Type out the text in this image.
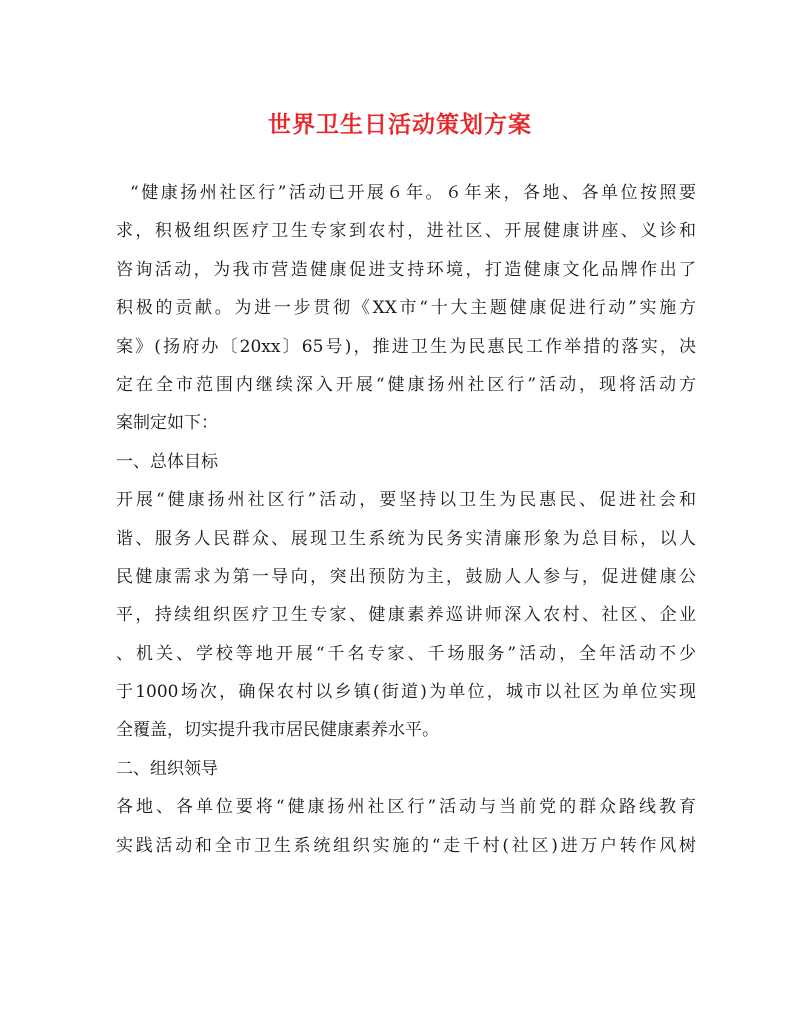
世界卫生日活动策划方案
“健康扬州社区行”活动已开展６年。６年来，各地、各单位按照要
求，积极组织医疗卫生专家到农村，进社区、开展健康讲座、义诊和
咨询活动，为我市营造健康促进支持环境，打造健康文化品牌作出了
积极的贡献。为进一步贯彻《XX市“十大主题健康促进行动”实施方
案》(扬府办〔20xx〕65号)，推进卫生为民惠民工作举措的落实，决
定在全市范围内继续深入开展“健康扬州社区行”活动，现将活动方
案制定如下：
一、总体目标
开展“健康扬州社区行”活动，要坚持以卫生为民惠民、促进社会和
谐、服务人民群众、展现卫生系统为民务实清廉形象为总目标，以人
民健康需求为第一导向，突出预防为主，鼓励人人参与，促进健康公
平，持续组织医疗卫生专家、健康素养巡讲师深入农村、社区、企业
、机关、学校等地开展“千名专家、千场服务”活动，全年活动不少
于1000场次，确保农村以乡镇(街道)为单位，城市以社区为单位实现
全覆盖，切实提升我市居民健康素养水平。
二、组织领导
各地、各单位要将“健康扬州社区行”活动与当前党的群众路线教育
实践活动和全市卫生系统组织实施的“走千村(社区)进万户转作风树
